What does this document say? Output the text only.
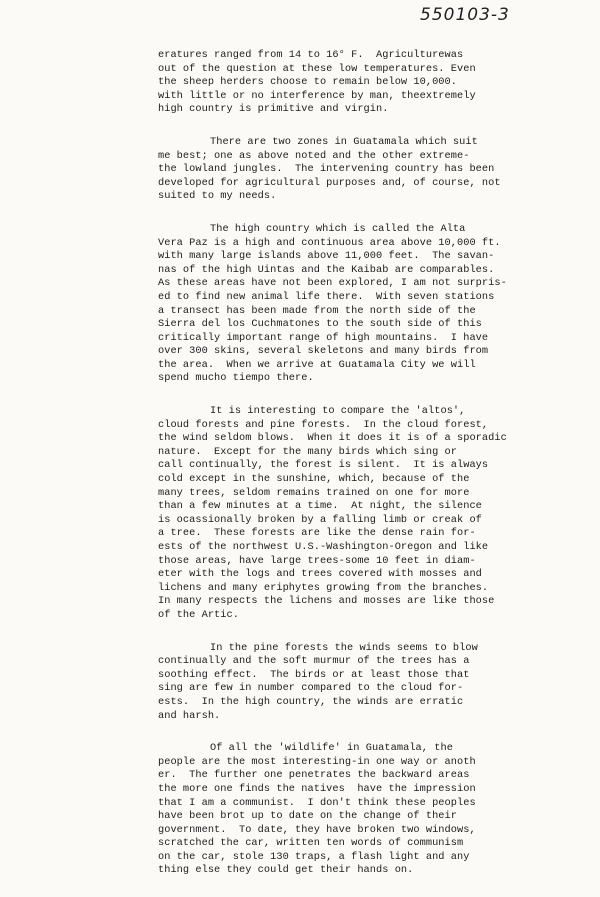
550103-3
eratures ranged from 14 to 16° F.  Agriculturewas
out of the question at these low temperatures. Even
the sheep herders choose to remain below 10,000.
with little or no interference by man, theextremely
high country is primitive and virgin.
There are two zones in Guatamala which suit
me best; one as above noted and the other extreme-
the lowland jungles.  The intervening country has been
developed for agricultural purposes and, of course, not
suited to my needs.
The high country which is called the Alta
Vera Paz is a high and continuous area above 10,000 ft.
with many large islands above 11,000 feet.  The savan-
nas of the high Uintas and the Kaibab are comparables.
As these areas have not been explored, I am not surpris-
ed to find new animal life there.  With seven stations
a transect has been made from the north side of the
Sierra del los Cuchmatones to the south side of this
critically important range of high mountains.  I have
over 300 skins, several skeletons and many birds from
the area.  When we arrive at Guatamala City we will
spend mucho tiempo there.
It is interesting to compare the 'altos',
cloud forests and pine forests.  In the cloud forest,
the wind seldom blows.  When it does it is of a sporadic
nature.  Except for the many birds which sing or
call continually, the forest is silent.  It is always
cold except in the sunshine, which, because of the
many trees, seldom remains trained on one for more
than a few minutes at a time.  At night, the silence
is ocassionally broken by a falling limb or creak of
a tree.  These forests are like the dense rain for-
ests of the northwest U.S.-Washington-Oregon and like
those areas, have large trees-some 10 feet in diam-
eter with the logs and trees covered with mosses and
lichens and many eriphytes growing from the branches.
In many respects the lichens and mosses are like those
of the Artic.
In the pine forests the winds seems to blow
continually and the soft murmur of the trees has a
soothing effect.  The birds or at least those that
sing are few in number compared to the cloud for-
ests.  In the high country, the winds are erratic
and harsh.
Of all the 'wildlife' in Guatamala, the
people are the most interesting-in one way or anoth
er.  The further one penetrates the backward areas
the more one finds the natives  have the impression
that I am a communist.  I don't think these peoples
have been brot up to date on the change of their
government.  To date, they have broken two windows,
scratched the car, written ten words of communism
on the car, stole 130 traps, a flash light and any
thing else they could get their hands on.
